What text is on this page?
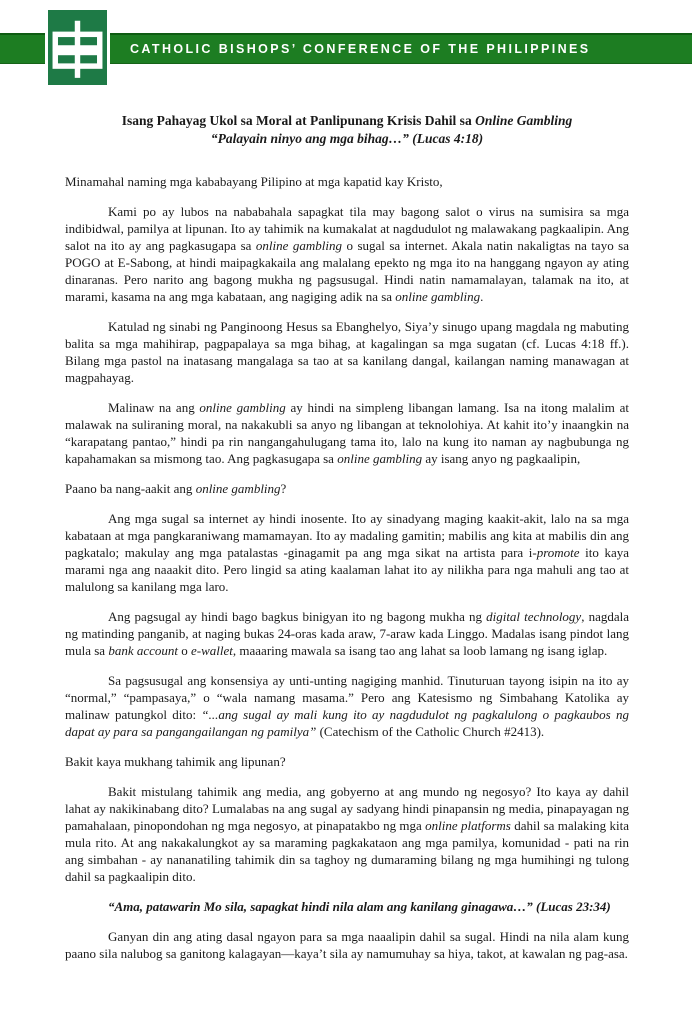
CATHOLIC BISHOPS’ CONFERENCE OF THE PHILIPPINES
Isang Pahayag Ukol sa Moral at Panlipunang Krisis Dahil sa Online Gambling
“Palayain ninyo ang mga bihag…” (Lucas 4:18)

Minamahal naming mga kababayang Pilipino at mga kapatid kay Kristo,

Kami po ay lubos na nababahala sapagkat tila may bagong salot o virus na sumisira sa mga indibidwal, pamilya at lipunan. Ito ay tahimik na kumakalat at nagdudulot ng malawakang pagkaalipin. Ang salot na ito ay ang pagkasugapa sa online gambling o sugal sa internet. Akala natin nakaligtas na tayo sa POGO at E-Sabong, at hindi maipagkakaila ang malalang epekto ng mga ito na hanggang ngayon ay ating dinaranas. Pero narito ang bagong mukha ng pagsusugal. Hindi natin namamalayan, talamak na ito, at marami, kasama na ang mga kabataan, ang nagiging adik na sa online gambling.

Katulad ng sinabi ng Panginoong Hesus sa Ebanghelyo, Siya’y sinugo upang magdala ng mabuting balita sa mga mahihirap, pagpapalaya sa mga bihag, at kagalingan sa mga sugatan (cf. Lucas 4:18 ff.). Bilang mga pastol na inatasang mangalaga sa tao at sa kanilang dangal, kailangan naming manawagan at magpahayag.

Malinaw na ang online gambling ay hindi na simpleng libangan lamang. Isa na itong malalim at malawak na suliraning moral, na nakakubli sa anyo ng libangan at teknolohiya. At kahit ito’y inaangkin na “karapatang pantao,” hindi pa rin nangangahulugang tama ito, lalo na kung ito naman ay nagbubunga ng kapahamakan sa mismong tao. Ang pagkasugapa sa online gambling ay isang anyo ng pagkaalipin,

Paano ba nang-aakit ang online gambling?

Ang mga sugal sa internet ay hindi inosente. Ito ay sinadyang maging kaakit-akit, lalo na sa mga kabataan at mga pangkaraniwang mamamayan. Ito ay madaling gamitin; mabilis ang kita at mabilis din ang pagkatalo; makulay ang mga patalastas -ginagamit pa ang mga sikat na artista para i-promote ito kaya marami nga ang naaakit dito. Pero lingid sa ating kaalaman lahat ito ay nilikha para nga mahuli ang tao at malulong sa kanilang mga laro.

Ang pagsugal ay hindi bago bagkus binigyan ito ng bagong mukha ng digital technology, nagdala ng matinding panganib, at naging bukas 24-oras kada araw, 7-araw kada Linggo. Madalas isang pindot lang mula sa bank account o e-wallet, maaaring mawala sa isang tao ang lahat sa loob lamang ng isang iglap.

Sa pagsusugal ang konsensiya ay unti-unting nagiging manhid. Tinuturuan tayong isipin na ito ay “normal,” “pampasaya,” o “wala namang masama.” Pero ang Katesismo ng Simbahang Katolika ay malinaw patungkol dito: “...ang sugal ay mali kung ito ay nagdudulot ng pagkalulong o pagkaubos ng dapat ay para sa pangangailangan ng pamilya” (Catechism of the Catholic Church #2413).

Bakit kaya mukhang tahimik ang lipunan?

Bakit mistulang tahimik ang media, ang gobyerno at ang mundo ng negosyo? Ito kaya ay dahil lahat ay nakikinabang dito? Lumalabas na ang sugal ay sadyang hindi pinapansin ng media, pinapayagan ng pamahalaan, pinopondohan ng mga negosyo, at pinapatakbo ng mga online platforms dahil sa malaking kita mula rito. At ang nakakalungkot ay sa maraming pagkakataon ang mga pamilya, komunidad - pati na rin ang simbahan - ay nananatiling tahimik din sa taghoy ng dumaraming bilang ng mga humihingi ng tulong dahil sa pagkaalipin dito.

“Ama, patawarin Mo sila, sapagkat hindi nila alam ang kanilang ginagawa…” (Lucas 23:34)

Ganyan din ang ating dasal ngayon para sa mga naaalipin dahil sa sugal. Hindi na nila alam kung paano sila nalubog sa ganitong kalagayan—kaya’t sila ay namumuhay sa hiya, takot, at kawalan ng pag-asa.
